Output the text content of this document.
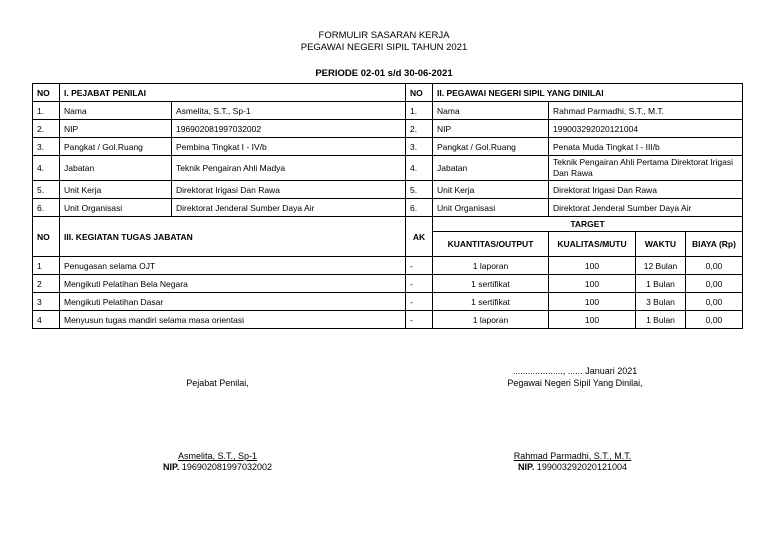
FORMULIR SASARAN KERJA
PEGAWAI NEGERI SIPIL TAHUN 2021
PERIODE 02-01 s/d 30-06-2021
NO	I. PEJABAT PENILAI		NO	II. PEGAWAI NEGERI SIPIL YANG DINILAI			
1.	Nama	Asmelita, S.T., Sp-1	1.	Nama	Rahmad Parmadhi, S.T., M.T.		
2.	NIP	196902081997032002	2.	NIP	199003292020121004		
3.	Pangkat / Gol.Ruang	Pembina Tingkat I - IV/b	3.	Pangkat / Gol.Ruang	Penata Muda Tingkat I - III/b		
4.	Jabatan	Teknik Pengairan Ahli Madya	4.	Jabatan	Teknik Pengairan Ahli Pertama Direktorat Irigasi Dan Rawa		
5.	Unit Kerja	Direktorat Irigasi Dan Rawa	5.	Unit Kerja	Direktorat Irigasi Dan Rawa		
6.	Unit Organisasi	Direktorat Jenderal Sumber Daya Air	6.	Unit Organisasi	Direktorat Jenderal Sumber Daya Air		
NO	III. KEGIATAN TUGAS JABATAN		AK	TARGET			
				KUANTITAS/OUTPUT	KUALITAS/MUTU	WAKTU	BIAYA (Rp)
1	Penugasan selama OJT		-	1 laporan	100	12 Bulan	0,00
2	Mengikuti Pelatihan Bela Negara		-	1 sertifikat	100	1 Bulan	0,00
3	Mengikuti Pelatihan Dasar		-	1 sertifikat	100	3 Bulan	0,00
4	Menyusun tugas mandiri selama masa orientasi		-	1 laporan	100	1 Bulan	0,00
Pejabat Penilai,
...................., ...... Januari 2021
Pegawai Negeri Sipil Yang Dinilai,
Asmelita, S.T., Sp-1
NIP. 196902081997032002
Rahmad Parmadhi, S.T., M.T.
NIP. 199003292020121004
